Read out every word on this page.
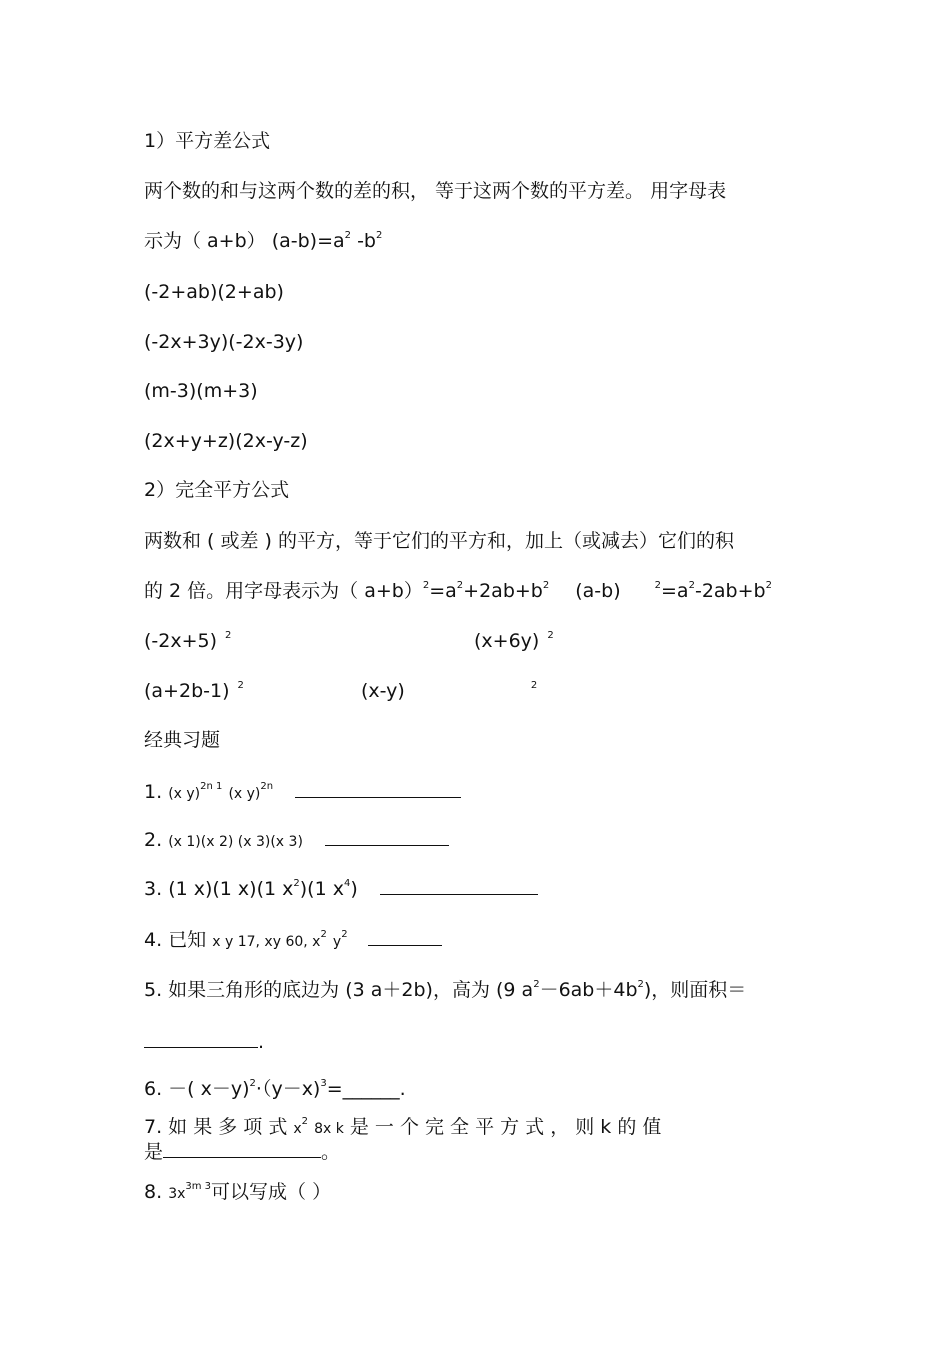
1）平方差公式
两个数的和与这两个数的差的积， 等于这两个数的平方差。 用字母表
示为（ a+b） $(a-b)=a^2$ $-b^2$
(-2+ab)(2+ab)
(-2x+3y)(-2x-3y)
(m-3)(m+3)
(2x+y+z)(2x-y-z)
2）完全平方公式
两数和 ( 或差 ) 的平方，等于它们的平方和，加上（或减去）它们的积
的 2 倍。用字母表示为（ $a+b)^2=a^2+2ab+b^2$ (a-b)	$^2=a^2-2ab+b^2$
(-2x+5) $^2$	(x+6y) $^2$
(a+2b-1) $^2$	(x-y)	$^2$
经典习题
1. (x y)$^{2n 1}$ (x y)$^{2n}$
2. (x 1)(x 2) (x 3)(x 3)
3. (1 x)(1 x)(1 $x^2)(1$ $x^4$)
4. 已知 x y 17, xy 60, $x^2$ $y^2$
5. 如果三角形的底边为 (3 a＋2b)，高为 (9 $a^2-6ab+4b^2$)，则面积＝
.
6. －( x－y)$^2$·（y－x)$^3$=______.
7. 如 果 多 项 式 $x^2$ 8x k 是 一 个 完 全 平 方 式 ， 则 k 的 值
是	。
8. $3x^{3m 3}$可以写成（ ）
